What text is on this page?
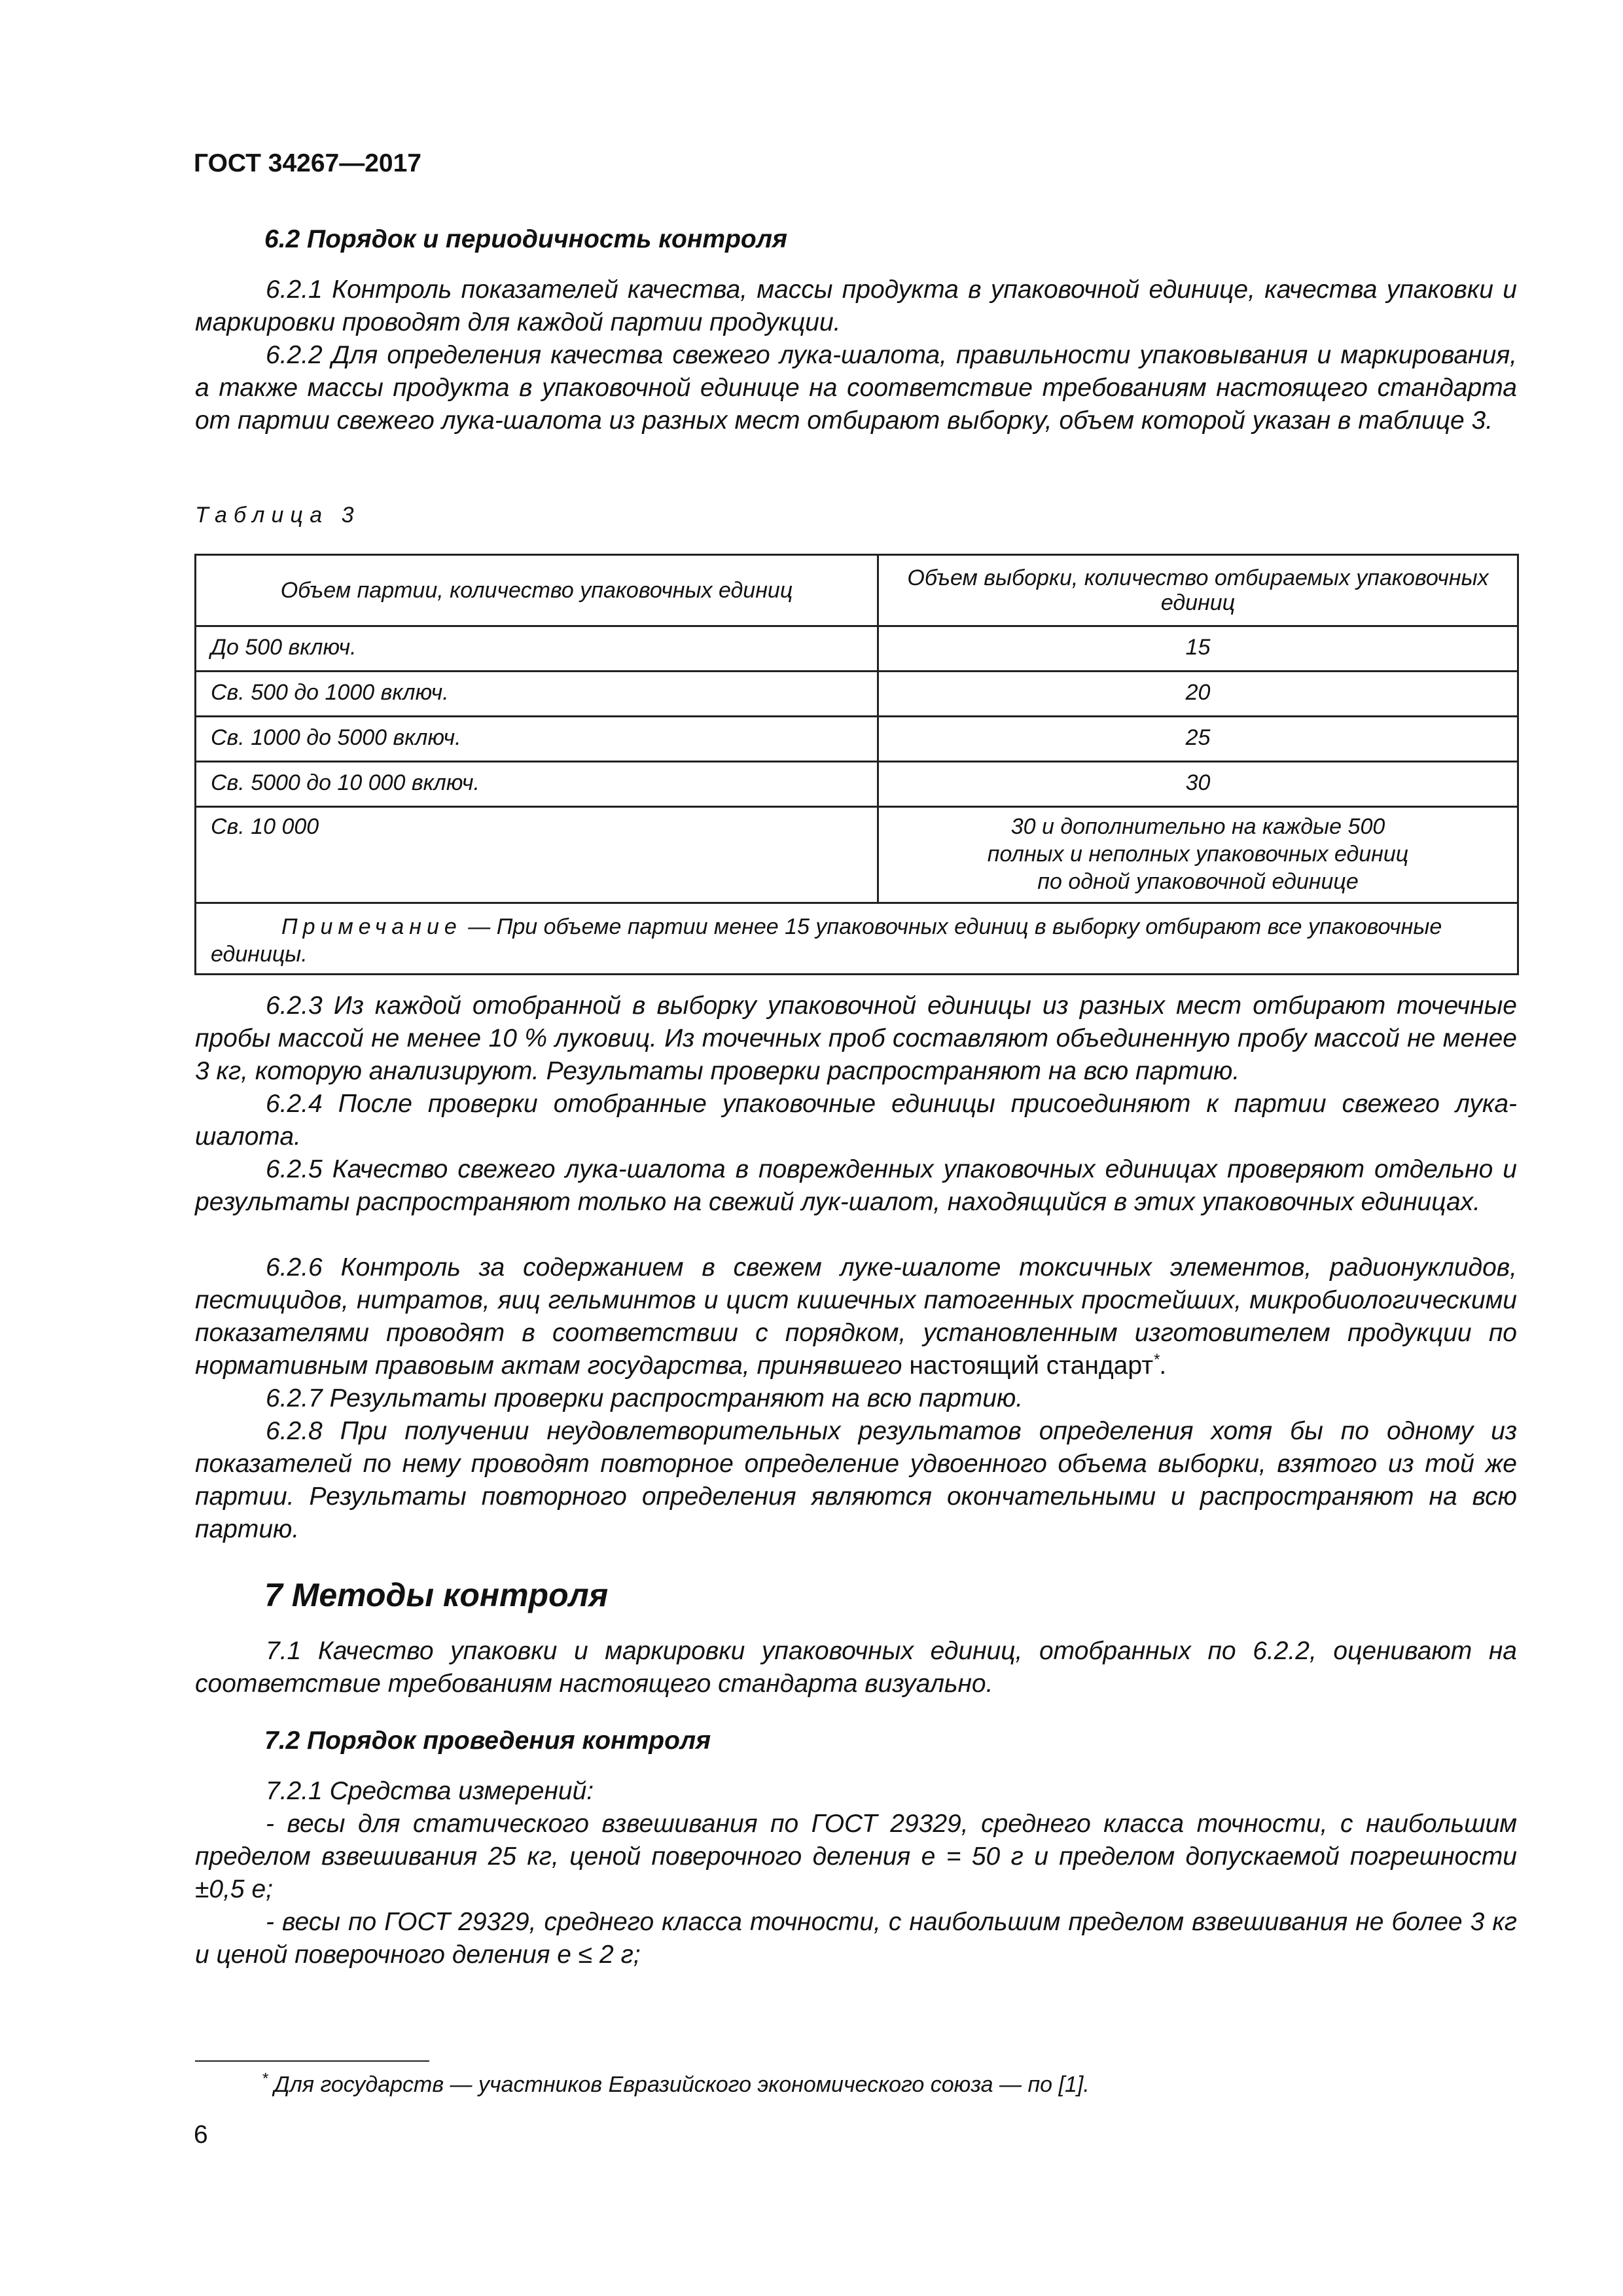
ГОСТ 34267—2017
6.2 Порядок и периодичность контроля
6.2.1 Контроль показателей качества, массы продукта в упаковочной единице, качества упаковки и маркировки проводят для каждой партии продукции.
6.2.2 Для определения качества свежего лука-шалота, правильности упаковывания и маркирования, а также массы продукта в упаковочной единице на соответствие требованиям настоящего стандарта от партии свежего лука-шалота из разных мест отбирают выборку, объем которой указан в таблице 3.
Таблица 3
Объем партии, количество упаковочных единиц	Объем выборки, количество отбираемых упаковочных единиц
До 500 включ.	15
Св. 500 до 1000 включ.	20
Св. 1000 до 5000 включ.	25
Св. 5000 до 10 000 включ.	30
Св. 10 000	30 и дополнительно на каждые 500 полных и неполных упаковочных единиц по одной упаковочной единице
Примечание — При объеме партии менее 15 упаковочных единиц в выборку отбирают все упаковочные единицы.	
6.2.3 Из каждой отобранной в выборку упаковочной единицы из разных мест отбирают точечные пробы массой не менее 10 % луковиц. Из точечных проб составляют объединенную пробу массой не менее 3 кг, которую анализируют. Результаты проверки распространяют на всю партию.
6.2.4 После проверки отобранные упаковочные единицы присоединяют к партии свежего лука-шалота.
6.2.5 Качество свежего лука-шалота в поврежденных упаковочных единицах проверяют отдельно и результаты распространяют только на свежий лук-шалот, находящийся в этих упаковочных единицах.
6.2.6 Контроль за содержанием в свежем луке-шалоте токсичных элементов, радионуклидов, пестицидов, нитратов, яиц гельминтов и цист кишечных патогенных простейших, микробиологическими показателями проводят в соответствии с порядком, установленным изготовителем продукции по нормативным правовым актам государства, принявшего настоящий стандарт*.
6.2.7 Результаты проверки распространяют на всю партию.
6.2.8 При получении неудовлетворительных результатов определения хотя бы по одному из показателей по нему проводят повторное определение удвоенного объема выборки, взятого из той же партии. Результаты повторного определения являются окончательными и распространяют на всю партию.
7 Методы контроля
7.1 Качество упаковки и маркировки упаковочных единиц, отобранных по 6.2.2, оценивают на соответствие требованиям настоящего стандарта визуально.
7.2 Порядок проведения контроля
7.2.1 Средства измерений:
- весы для статического взвешивания по ГОСТ 29329, среднего класса точности, с наибольшим пределом взвешивания 25 кг, ценой поверочного деления е = 50 г и пределом допускаемой погрешности ±0,5 е;
- весы по ГОСТ 29329, среднего класса точности, с наибольшим пределом взвешивания не более 3 кг и ценой поверочного деления е ≤ 2 г;
* Для государств — участников Евразийского экономического союза — по [1].
6
